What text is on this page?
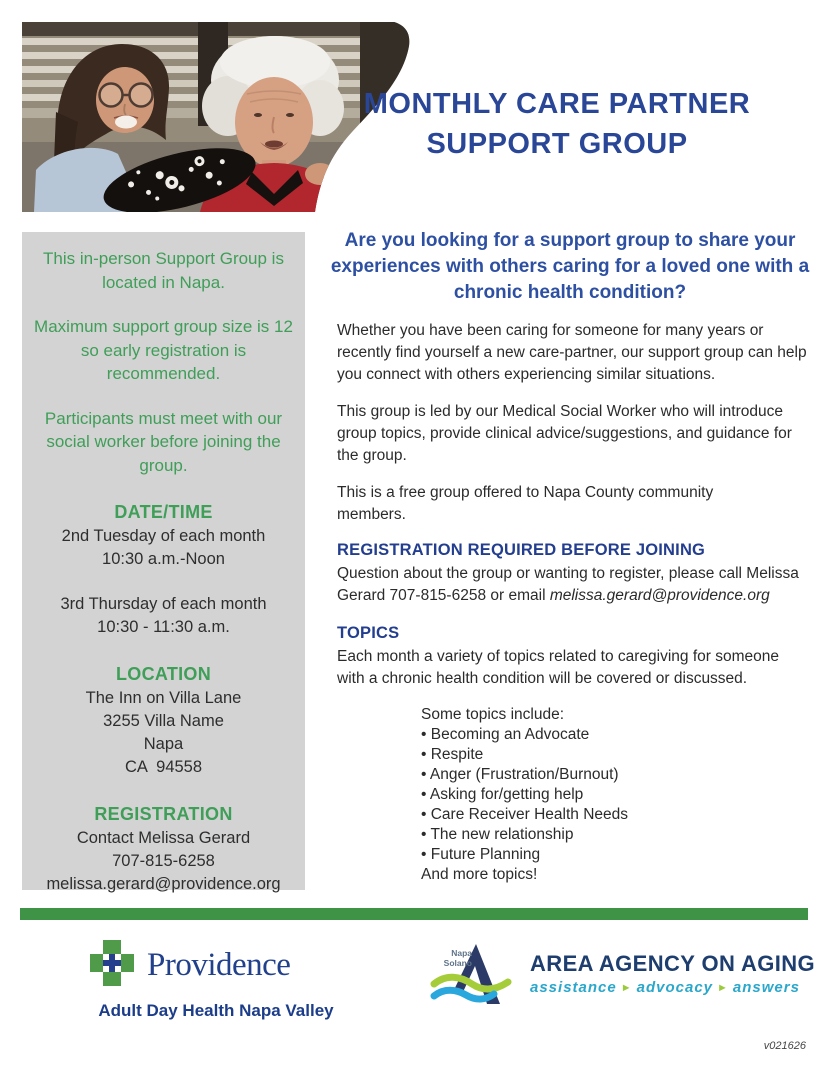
MONTHLY CARE PARTNER SUPPORT GROUP

This in-person Support Group is located in Napa.

Maximum support group size is 12 so early registration is recommended.

Participants must meet with our social worker before joining the group.

DATE/TIME
2nd Tuesday of each month
10:30 a.m.-Noon
3rd Thursday of each month
10:30 - 11:30 a.m.
LOCATION
The Inn on Villa Lane
3255 Villa Name
Napa
CA  94558
REGISTRATION
Contact Melissa Gerard
707-815-6258
melissa.gerard@providence.org
Are you looking for a support group to share your experiences with others caring for a loved one with a chronic health condition?

Whether you have been caring for someone for many years or recently find yourself a new care-partner, our support group can help you connect with others experiencing similar situations.

This group is led by our Medical Social Worker who will introduce group topics, provide clinical advice/suggestions, and guidance for the group.

This is a free group offered to Napa County community members.

REGISTRATION REQUIRED BEFORE JOINING

Question about the group or wanting to register, please call Melissa Gerard 707-815-6258 or email melissa.gerard@providence.org

TOPICS

Each month a variety of topics related to caregiving for someone with a chronic health condition will be covered or discussed.

Some topics include:
• Becoming an Advocate
• Respite
• Anger (Frustration/Burnout)
• Asking for/getting help
• Care Receiver Health Needs
• The new relationship
• Future Planning
And more topics!
Providence
Adult Day Health Napa Valley
Napa
Solano	AREA AGENCY ON AGING
assistance ► advocacy ► answers
v021626
